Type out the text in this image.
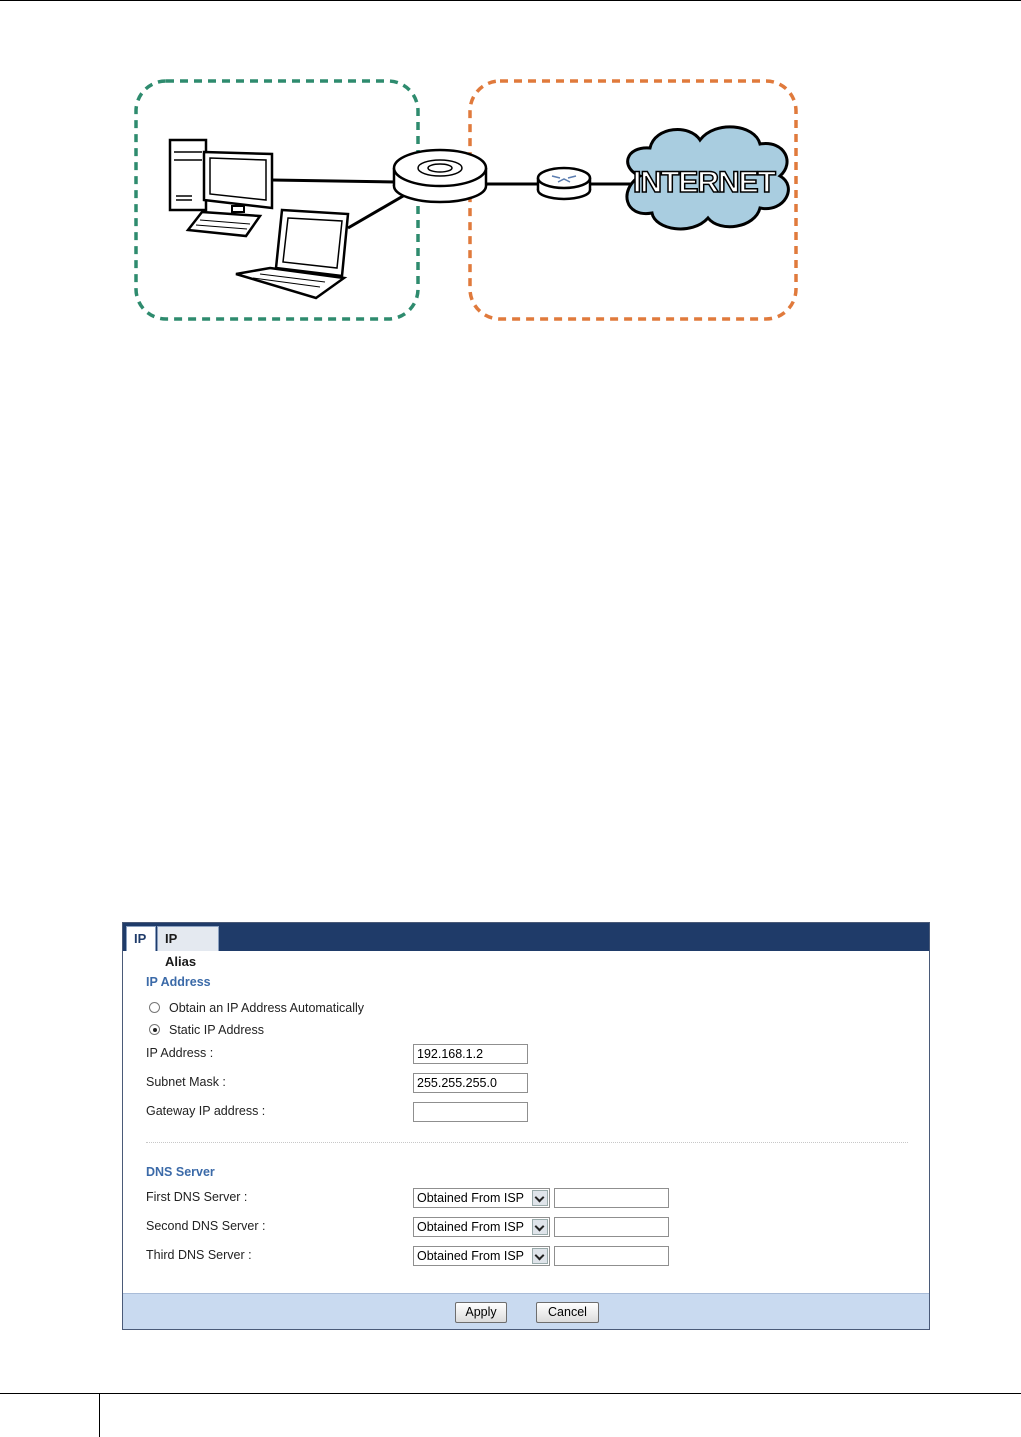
INTERNET
IP	IP Alias
IP Address
Obtain an IP Address Automatically
Static IP Address
IP Address :	192.168.1.2
Subnet Mask :	255.255.255.0
Gateway IP address :
DNS Server
First DNS Server :	Obtained From ISP
Second DNS Server :	Obtained From ISP
Third DNS Server :	Obtained From ISP
Apply	Cancel
